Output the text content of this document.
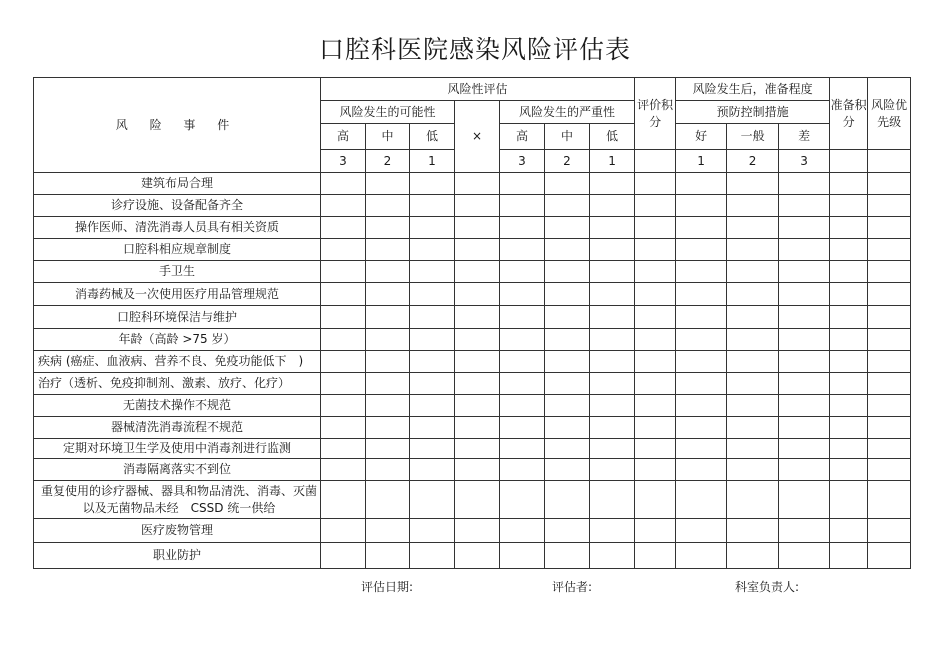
口腔科医院感染风险评估表
风 险 事 件	风险性评估							评价积分	风险发生后，准备程度			准备积分	风险优先级
	风险发生的可能性			×	风险发生的严重性				预防控制措施				
	高	中	低		高	中	低		好	一般	差		
	3	2	1		3	2	1		1	2	3		
建筑布局合理													
诊疗设施、设备配备齐全													
操作医师、清洗消毒人员具有相关资质													
口腔科相应规章制度													
手卫生													
消毒药械及一次使用医疗用品管理规范													
口腔科环境保洁与维护													
年龄（高龄 >75 岁）													
疾病 (癌症、血液病、营养不良、免疫功能低下　)													
治疗（透析、免疫抑制剂、激素、放疗、化疗）													
无菌技术操作不规范													
器械清洗消毒流程不规范													
定期对环境卫生学及使用中消毒剂进行监测													
消毒隔离落实不到位													
重复使用的诊疗器械、器具和物品清洗、消毒、灭菌以及无菌物品未经　CSSD 统一供给													
医疗废物管理													
职业防护													
评估日期:	评估者:	科室负责人:
